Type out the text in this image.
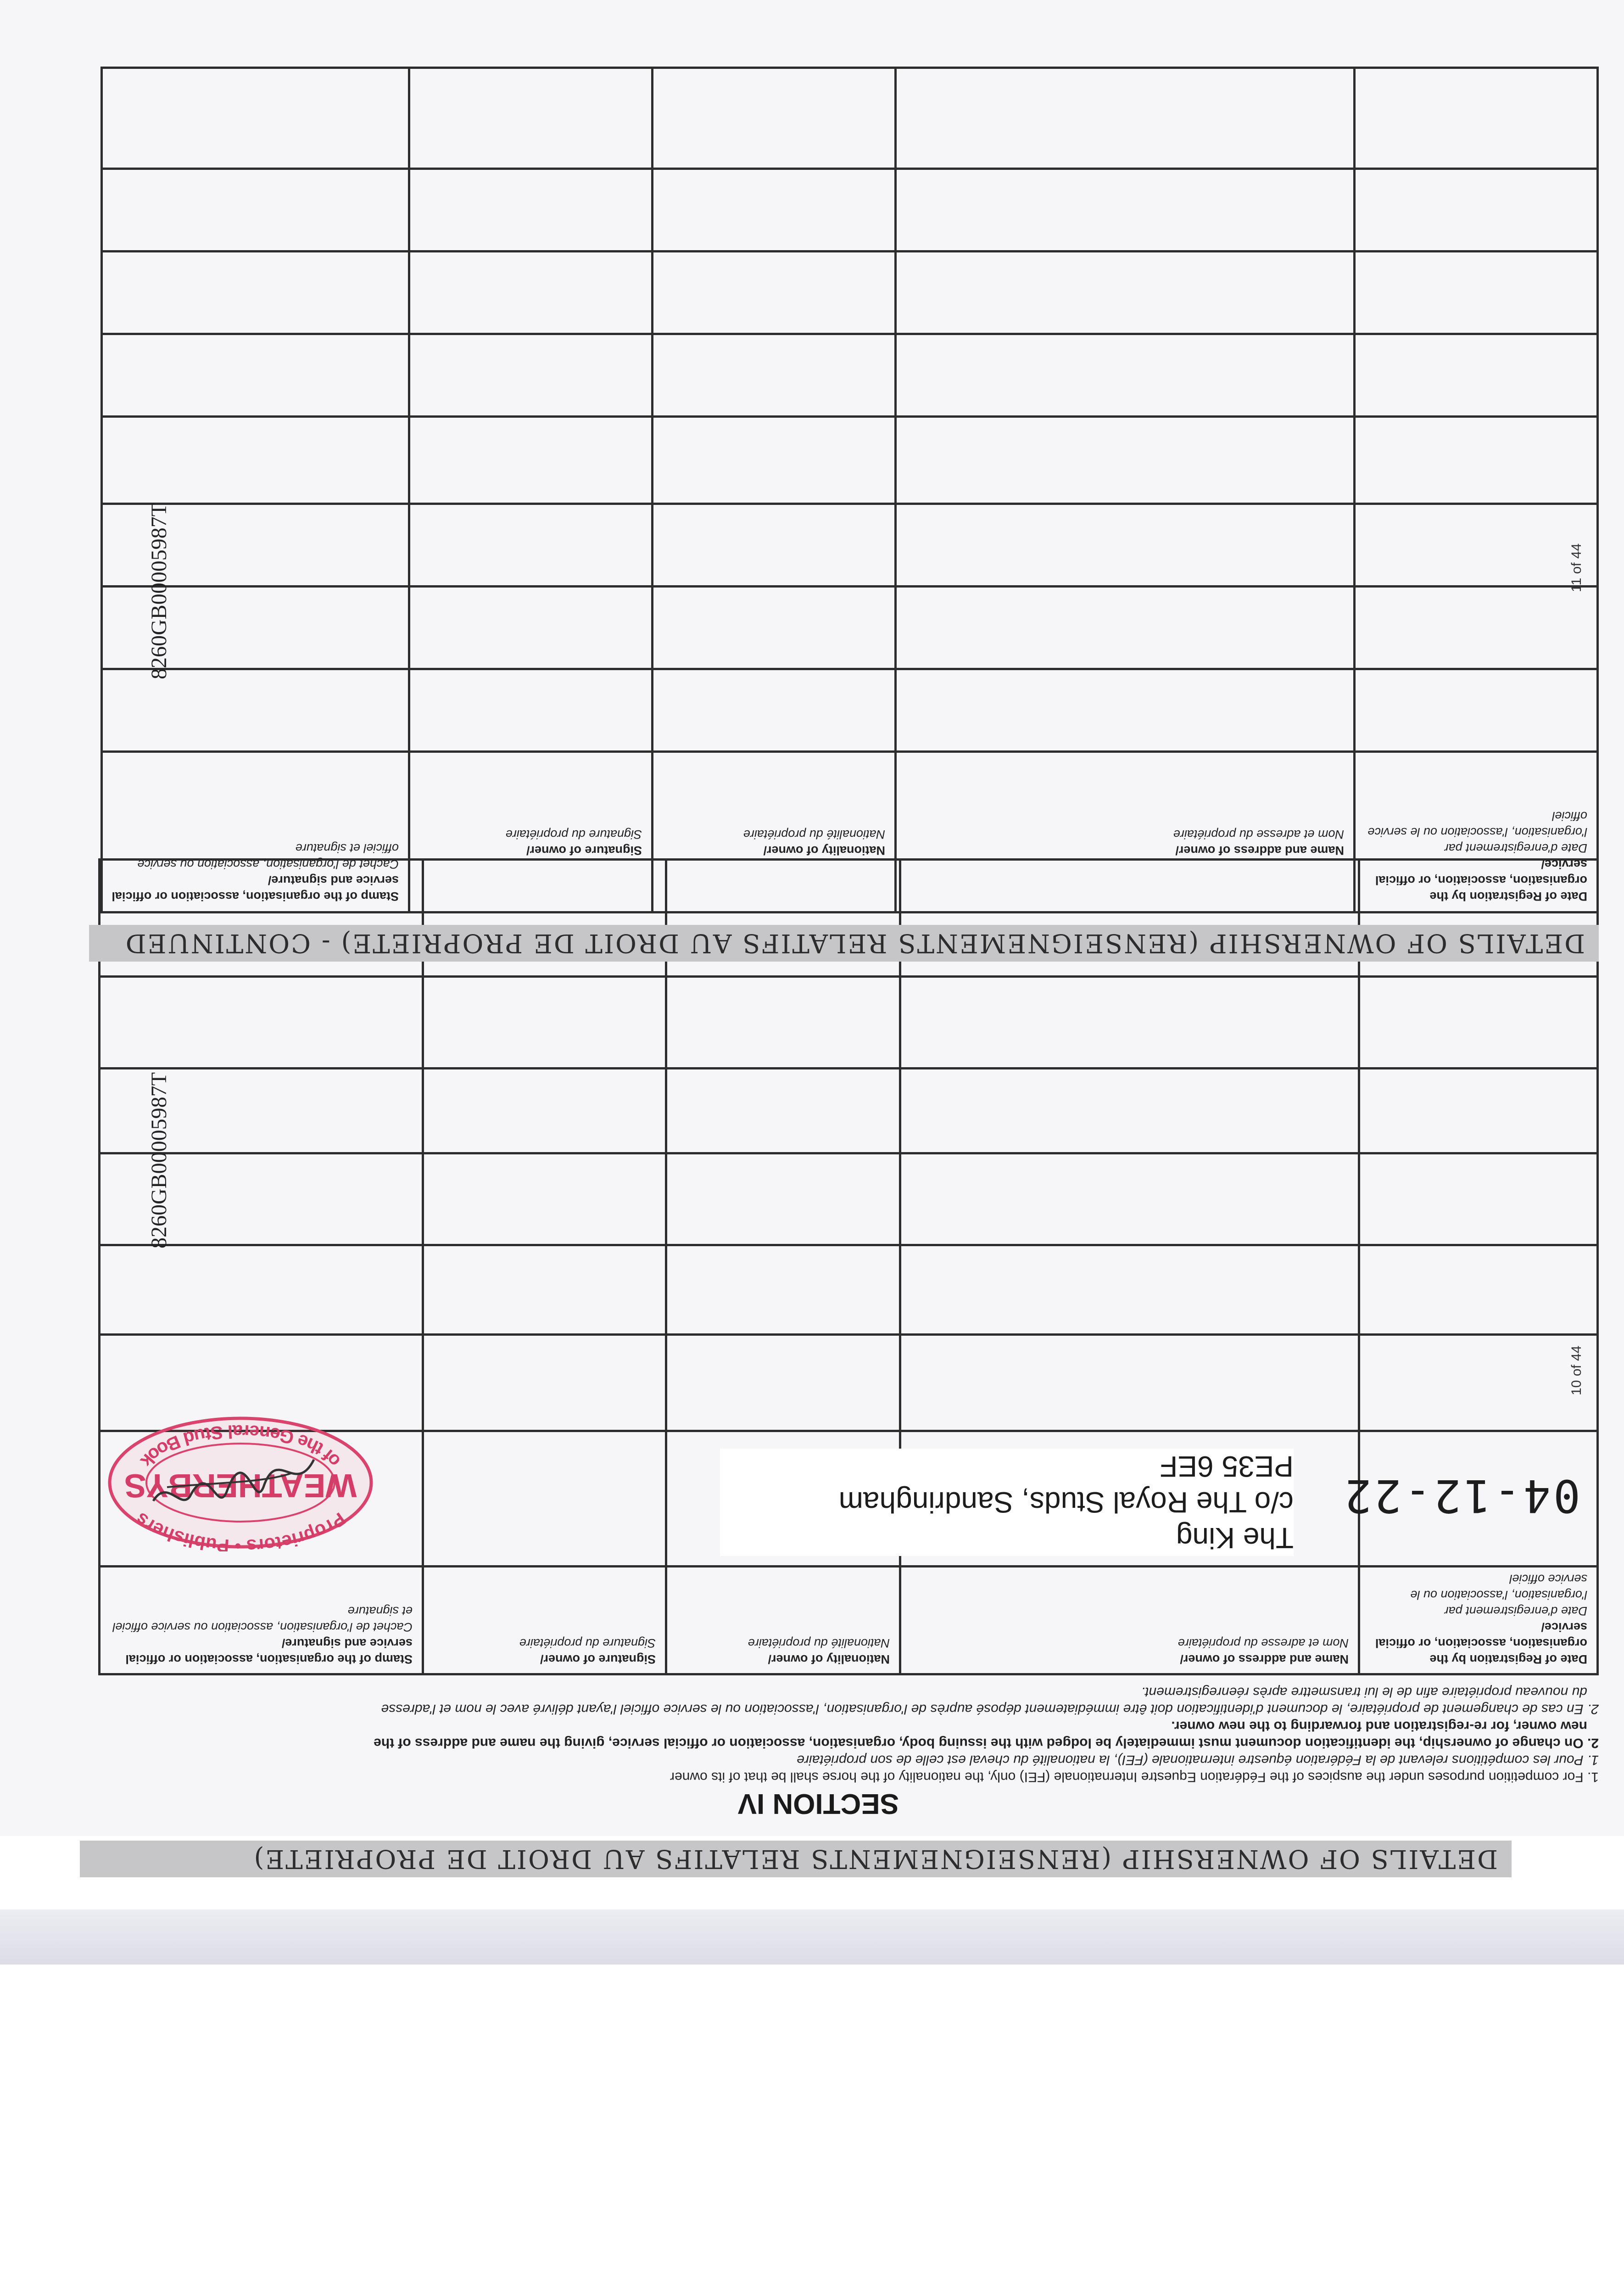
DETAILS OF OWNERSHIP (RENSEIGNEMENTS RELATIFS AU DROIT DE PROPRIETE)
SECTION IV
1. For competition purposes under the auspices of the Fédération Equestre Internationale (FEI) only, the nationality of the horse shall be that of its owner
1. Pour les compétitions relevant de la Fédération équestre internationale (FEI), la nationalité du cheval est celle de son propriétaire
2. On change of ownership, the identification document must immediately be lodged with the issuing body, organisation, association or official service, giving the name and address of the
new owner, for re-registration and forwarding to the new owner.
2. En cas de changement de propriétaire, le document d'identification doit être immédiatement déposé auprès de l'organisation, l'association ou le service officiel l'ayant délivré avec le nom et l'adresse
du nouveau propriétaire afin de le lui transmettre après réenregistrement.
Date of Registration by the organisation, association, or official service/
Date d'enregistrement par l'organisation, l'association ou le service officiel
Name and address of owner/
Nom et adresse du propriétaire
Nationality of owner/
Nationalité du propriétaire
Signature of owner/
Signature du propriétaire
Stamp of the organisation, association or official service and signature/
Cachet de l'organisation, association ou service officiel et signature
04-12-22
The King
c/o The Royal Studs, Sandringham
PE35 6EF
Proprietors • Publishers
WEATHERBYS
of the General Stud Book
8260GB00005987T
10 of 44
DETAILS OF OWNERSHIP (RENSEIGNEMENTS RELATIFS AU DROIT DE PROPRIETE) - CONTINUED
Date of Registration by the organisation, association, or official service/
Date d'enregistrement par l'organisation, l'association ou le service officiel
Name and address of owner/
Nom et adresse du propriétaire
Nationality of owner/
Nationalité du propriétaire
Signature of owner/
Signature du propriétaire
Stamp of the organisation, association or official service and signature/
Cachet de l'organisation, association ou service officiel et signature
8260GB00005987T	11 of 44
